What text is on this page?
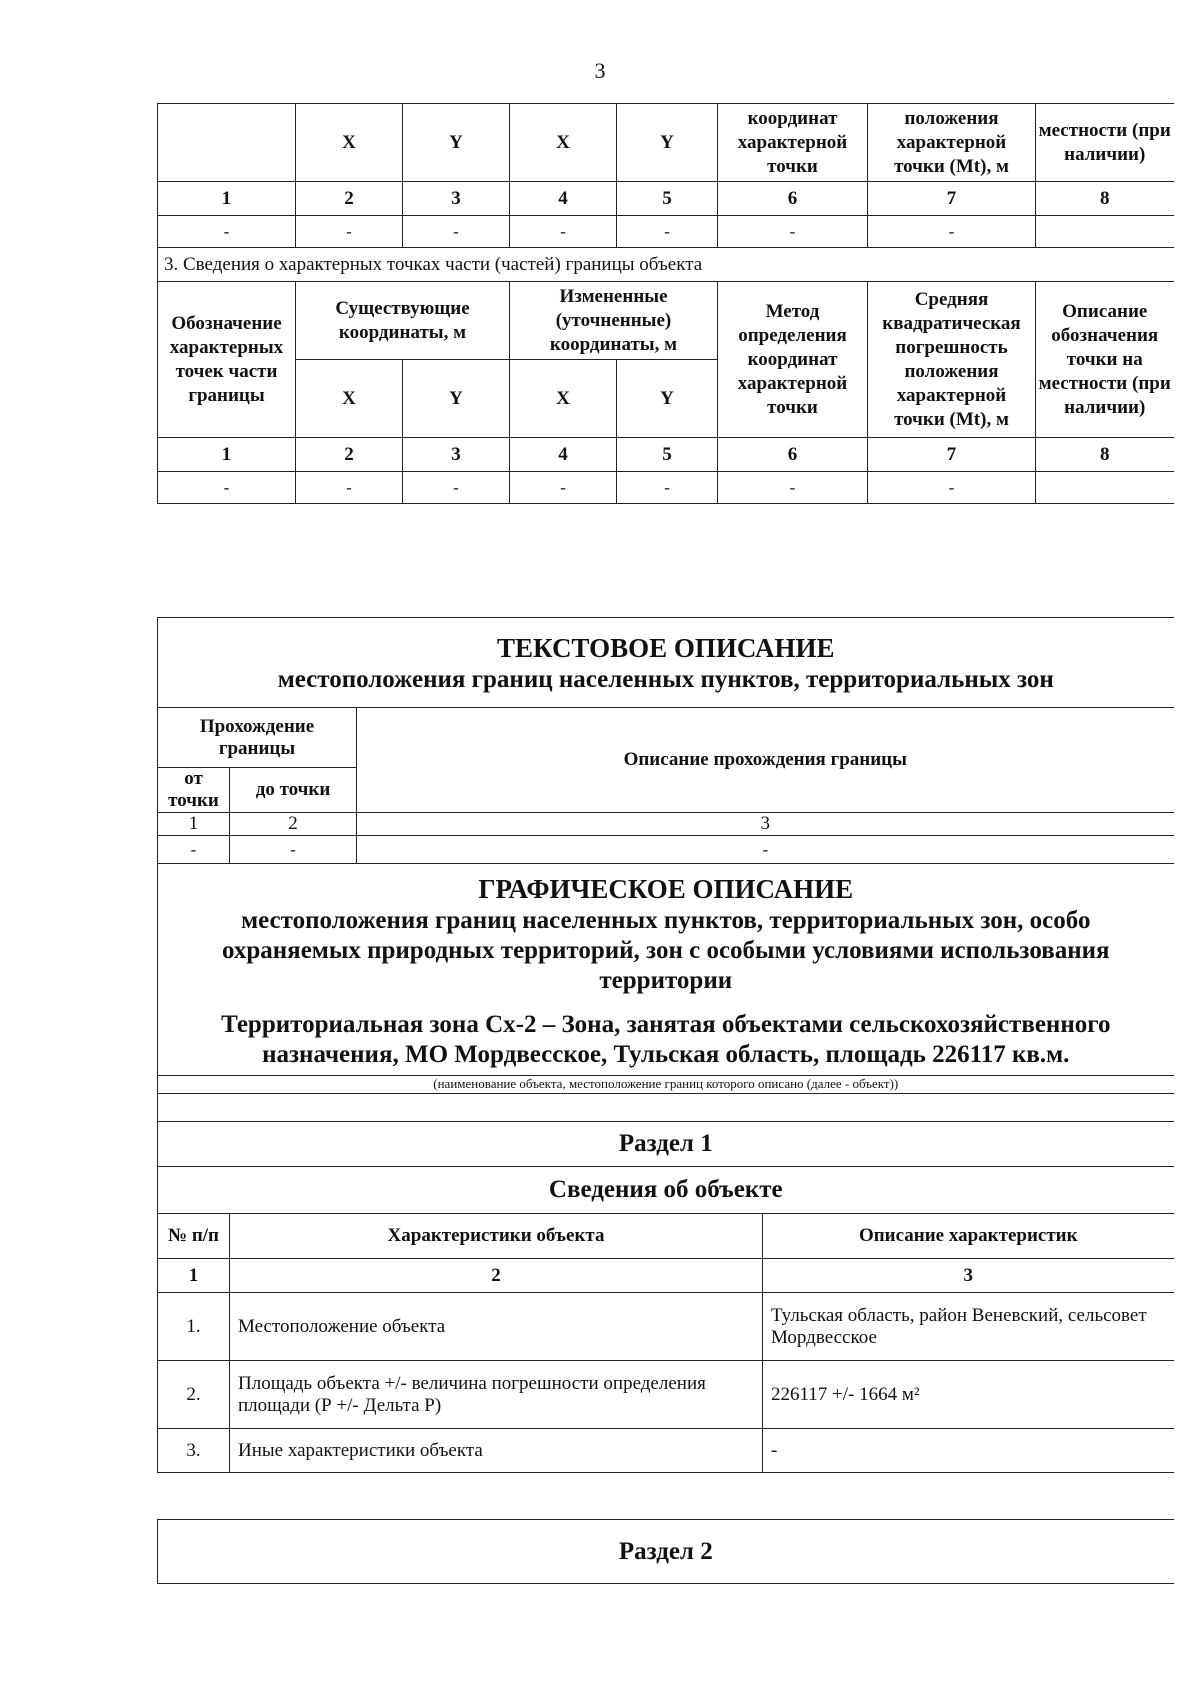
3
	X	Y	X	Y	координат характерной точки	положения характерной точки (Mt), м	местности (при наличии)
1	2	3	4	5	6	7	8
-	-	-	-	-	-	-	
3. Сведения о характерных точках части (частей) границы объекта							
Обозначение характерных точек части границы	Существующие координаты, м		Измененные (уточненные) координаты, м		Метод определения координат характерной точки	Средняя квадратическая погрешность положения характерной точки (Mt), м	Описание обозначения точки на местности (при наличии)
	X	Y	X	Y			
1	2	3	4	5	6	7	8
-	-	-	-	-	-	-	
ТЕКСТОВОЕ ОПИСАНИЕ
местоположения границ населенных пунктов, территориальных зон			

Прохождение границы		Описание прохождения границы	
от точки	до точки		
1	2	3	
-	-	-	

ГРАФИЧЕСКОЕ ОПИСАНИЕ
местоположения границ населенных пунктов, территориальных зон, особо охраняемых природных территорий, зон с особыми условиями использования территории
Территориальная зона Сх-2 – Зона, занятая объектами сельскохозяйственного назначения, МО Мордвесское, Тульская область, площадь 226117 кв.м.			

(наименование объекта, местоположение границ которого описано (далее - объект))			

Раздел 1			
Сведения об объекте			
№ п/п	Характеристики объекта		Описание характеристик
1	2		3
1.	Местоположение объекта		Тульская область, район Веневский, сельсовет Мордвесское
2.	Площадь объекта +/- величина погрешности определения площади (Р +/- Дельта Р)		226117 +/- 1664 м²
3.	Иные характеристики объекта		-

Раздел 2			
